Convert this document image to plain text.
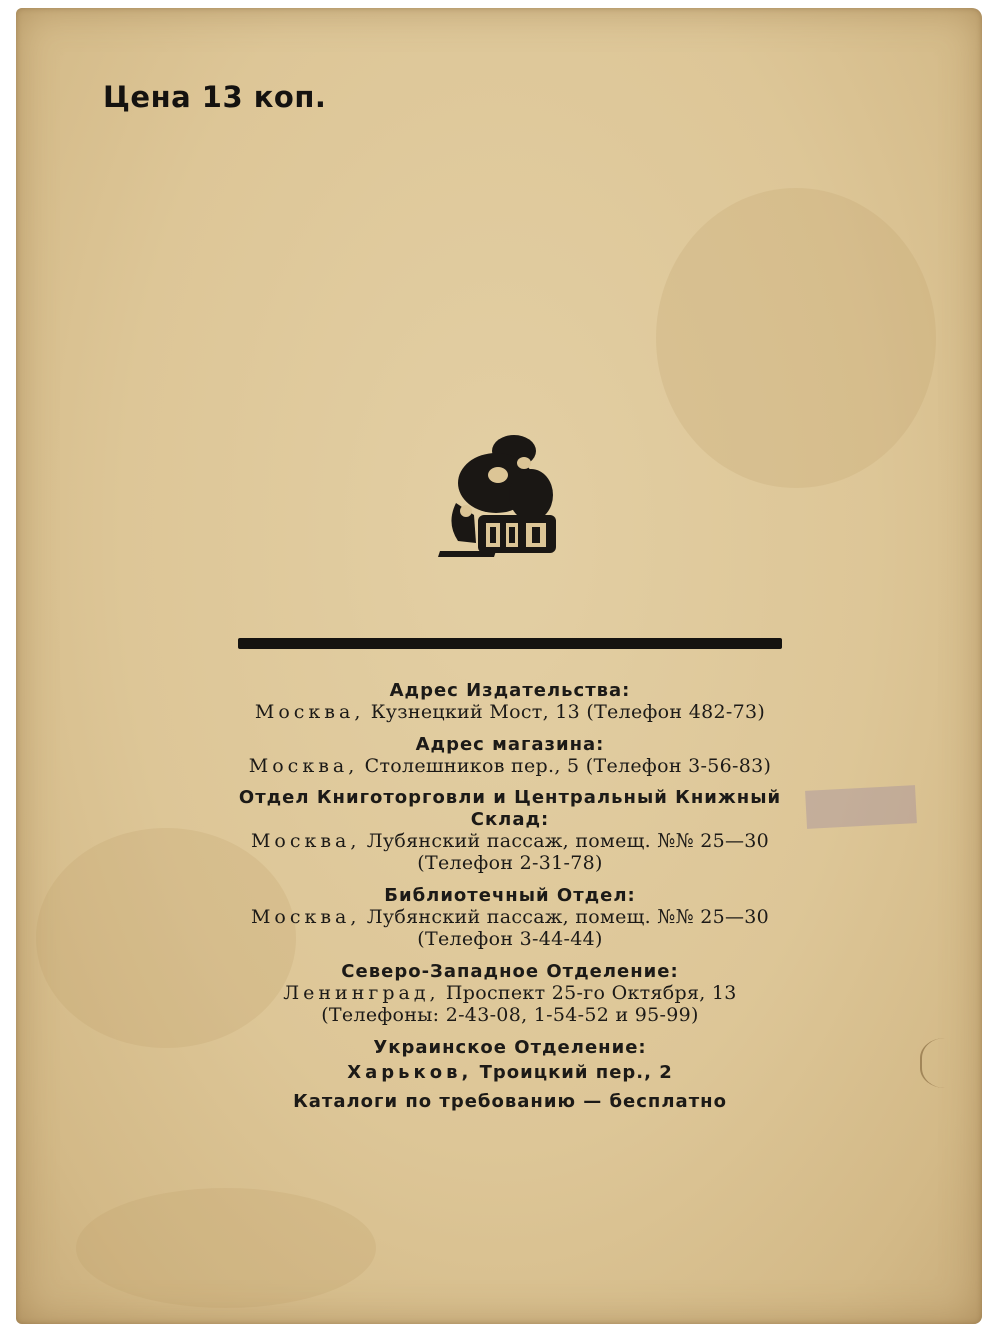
Цена 13 коп.
Адрес Издательства:
Москва, Кузнецкий Мост, 13 (Телефон 482-73)
Адрес магазина:
Москва, Столешников пер., 5 (Телефон 3-56-83)
Отдел Книготорговли и Центральный Книжный Склад:
Москва, Лубянский пассаж, помещ. №№ 25—30
(Телефон 2-31-78)
Библиотечный Отдел:
Москва, Лубянский пассаж, помещ. №№ 25—30
(Телефон 3-44-44)
Северо-Западное Отделение:
Ленинград, Проспект 25-го Октября, 13
(Телефоны: 2-43-08, 1-54-52 и 95-99)
Украинское Отделение:
Харьков, Троицкий пер., 2
Каталоги по требованию — бесплатно
